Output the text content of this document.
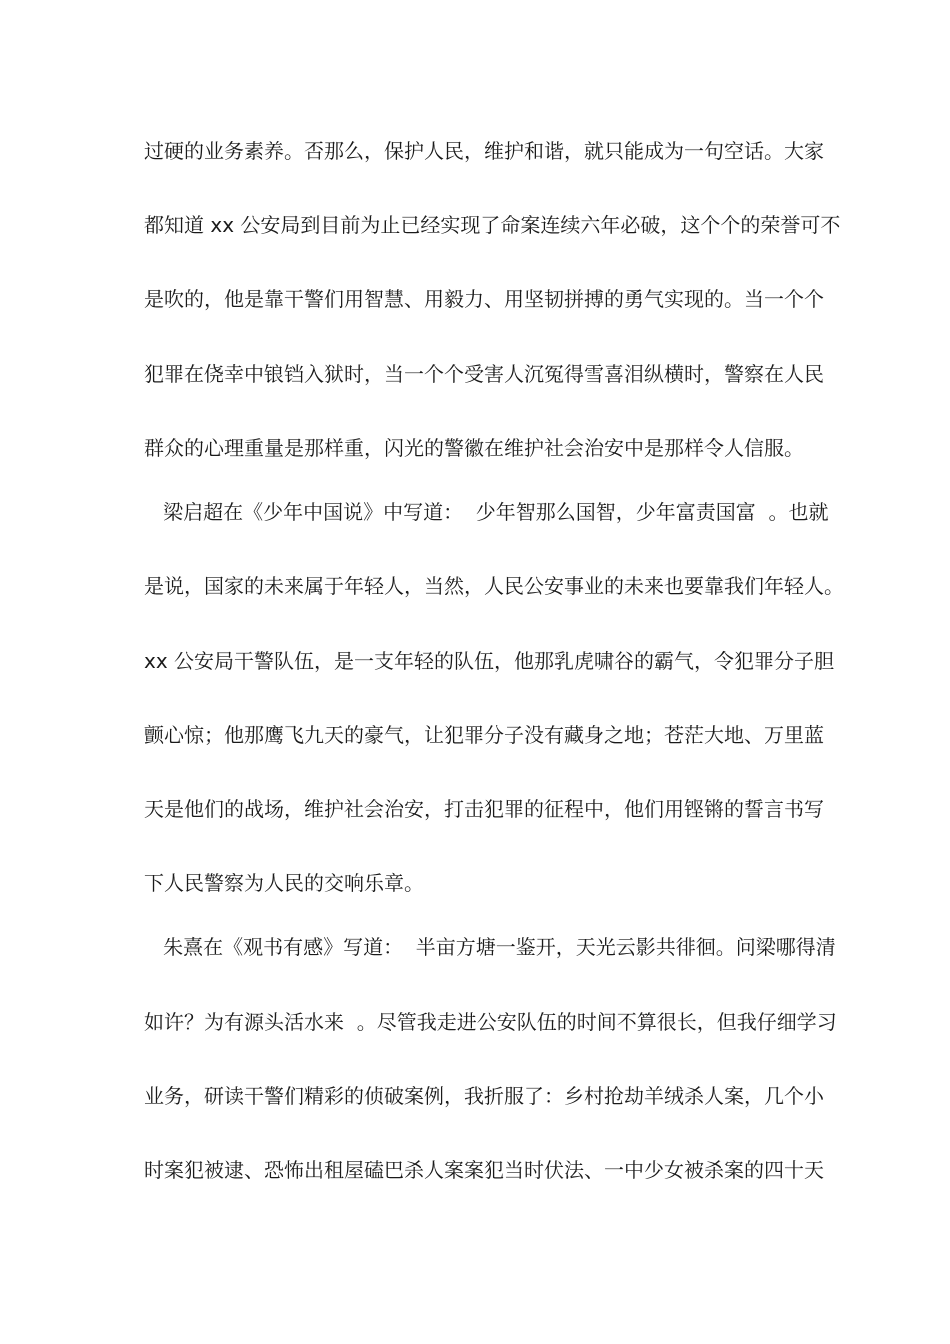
过硬的业务素养。否那么，保护人民，维护和谐，就只能成为一句空话。大家
都知道 xx 公安局到目前为止已经实现了命案连续六年必破，这个个的荣誉可不
是吹的，他是靠干警们用智慧、用毅力、用坚韧拼搏的勇气实现的。当一个个
犯罪在侥幸中锒铛入狱时，当一个个受害人沉冤得雪喜泪纵横时，警察在人民
群众的心理重量是那样重，闪光的警徽在维护社会治安中是那样令人信服。
梁启超在《少年中国说》中写道：  少年智那么国智，少年富责国富  。也就
是说，国家的未来属于年轻人，当然，人民公安事业的未来也要靠我们年轻人。
xx 公安局干警队伍，是一支年轻的队伍，他那乳虎啸谷的霸气，令犯罪分子胆
颤心惊；他那鹰飞九天的豪气，让犯罪分子没有藏身之地；苍茫大地、万里蓝
天是他们的战场，维护社会治安，打击犯罪的征程中，他们用铿锵的誓言书写
下人民警察为人民的交响乐章。
朱熹在《观书有感》写道：  半亩方塘一鉴开，天光云影共徘徊。问梁哪得清
如许？为有源头活水来  。尽管我走进公安队伍的时间不算很长，但我仔细学习
业务，研读干警们精彩的侦破案例，我折服了：乡村抢劫羊绒杀人案，几个小
时案犯被逮、恐怖出租屋磕巴杀人案案犯当时伏法、一中少女被杀案的四十天
